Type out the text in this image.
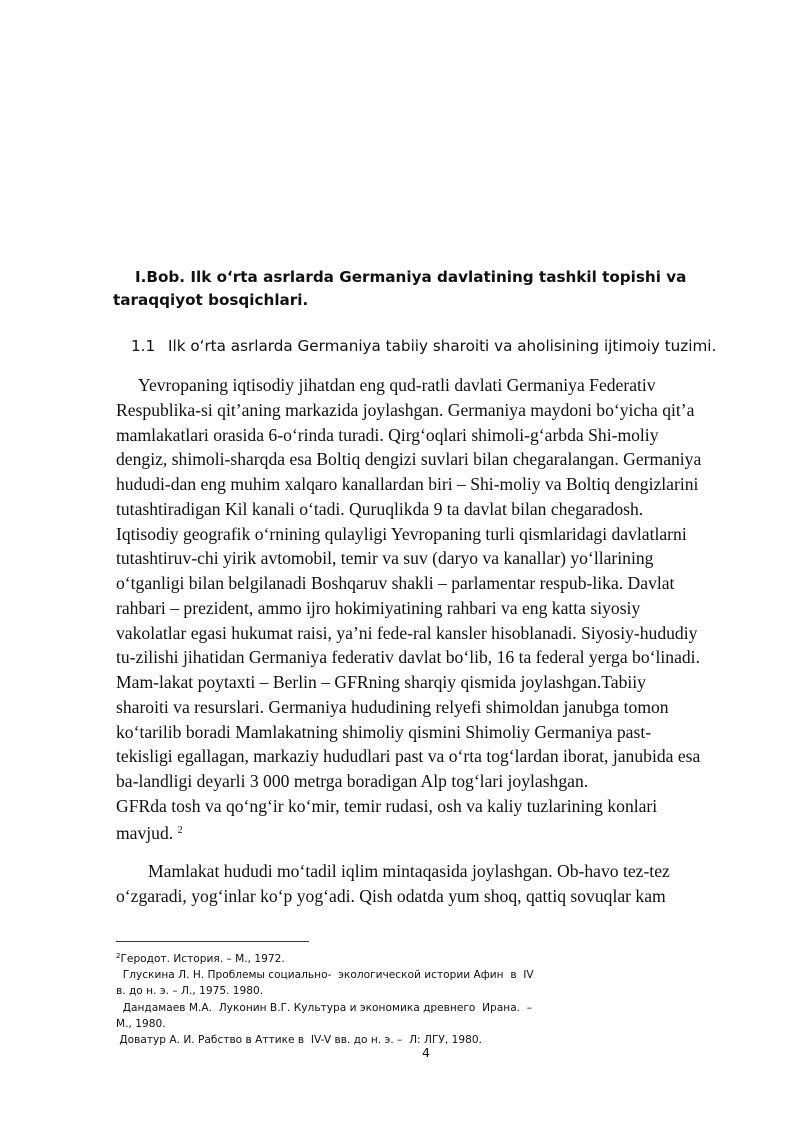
I.Bob. Ilk oʻrta asrlarda Germaniya davlatining tashkil topishi va taraqqiyot bosqichlari.

1.1 Ilk oʻrta asrlarda Germaniya tabiiy sharoiti va aholisining ijtimoiy tuzimi.
Yevropaning iqtisodiy jihatdan eng qud-ratli davlati Germaniya Federativ
Respublika-si qit’aning markazida joylashgan. Germaniya maydoni boʻyicha qit’a
mamlakatlari orasida 6-oʻrinda turadi. Qirgʻoqlari shimoli-gʻarbda Shi-moliy
dengiz, shimoli-sharqda esa Boltiq dengizi suvlari bilan chegaralangan. Germaniya
hududi-dan eng muhim xalqaro kanallardan biri – Shi-moliy va Boltiq dengizlarini
tutashtiradigan Kil kanali oʻtadi. Quruqlikda 9 ta davlat bilan chegaradosh.
Iqtisodiy geografik oʻrnining qulayligi Yevropaning turli qismlaridagi davlatlarni
tutashtiruv-chi yirik avtomobil, temir va suv (daryo va kanallar) yoʻllarining
oʻtganligi bilan belgilanadi Boshqaruv shakli – parlamentar respub-lika. Davlat
rahbari – prezident, ammo ijro hokimiyatining rahbari va eng katta siyosiy
vakolatlar egasi hukumat raisi, ya’ni fede-ral kansler hisoblanadi. Siyosiy-hududiy
tu-zilishi jihatidan Germaniya federativ davlat boʻlib, 16 ta federal yerga boʻlinadi.
Mam-lakat poytaxti – Berlin – GFRning sharqiy qismida joylashgan.Tabiiy
sharoiti va resurslari. Germaniya hududining relyefi shimoldan janubga tomon
koʻtarilib boradi Mamlakatning shimoliy qismini Shimoliy Germaniya past-
tekisligi egallagan, markaziy hududlari past va oʻrta togʻlardan iborat, janubida esa
ba-landligi deyarli 3 000 metrga boradigan Alp togʻlari joylashgan.
GFRda tosh va qoʻngʻir koʻmir, temir rudasi, osh va kaliy tuzlarining konlari
mavjud. $^2$
Mamlakat hududi moʻtadil iqlim mintaqasida joylashgan. Ob-havo tez-tez
oʻzgaradi, yogʻinlar koʻp yogʻadi. Qish odatda yum shoq, qattiq sovuqlar kam
$^2$Геродот. История. – М., 1972.
Глускина Л. Н. Проблемы социально-  экологической истории Афин  в  IV
в. до н. э. – Л., 1975. 1980.
Дандамаев М.А.  Луконин В.Г. Культура и экономика древнего  Ирана.  –
М., 1980.
Доватур А. И. Рабство в Аттике в  IV-V вв. до н. э. –  Л: ЛГУ, 1980.
4
